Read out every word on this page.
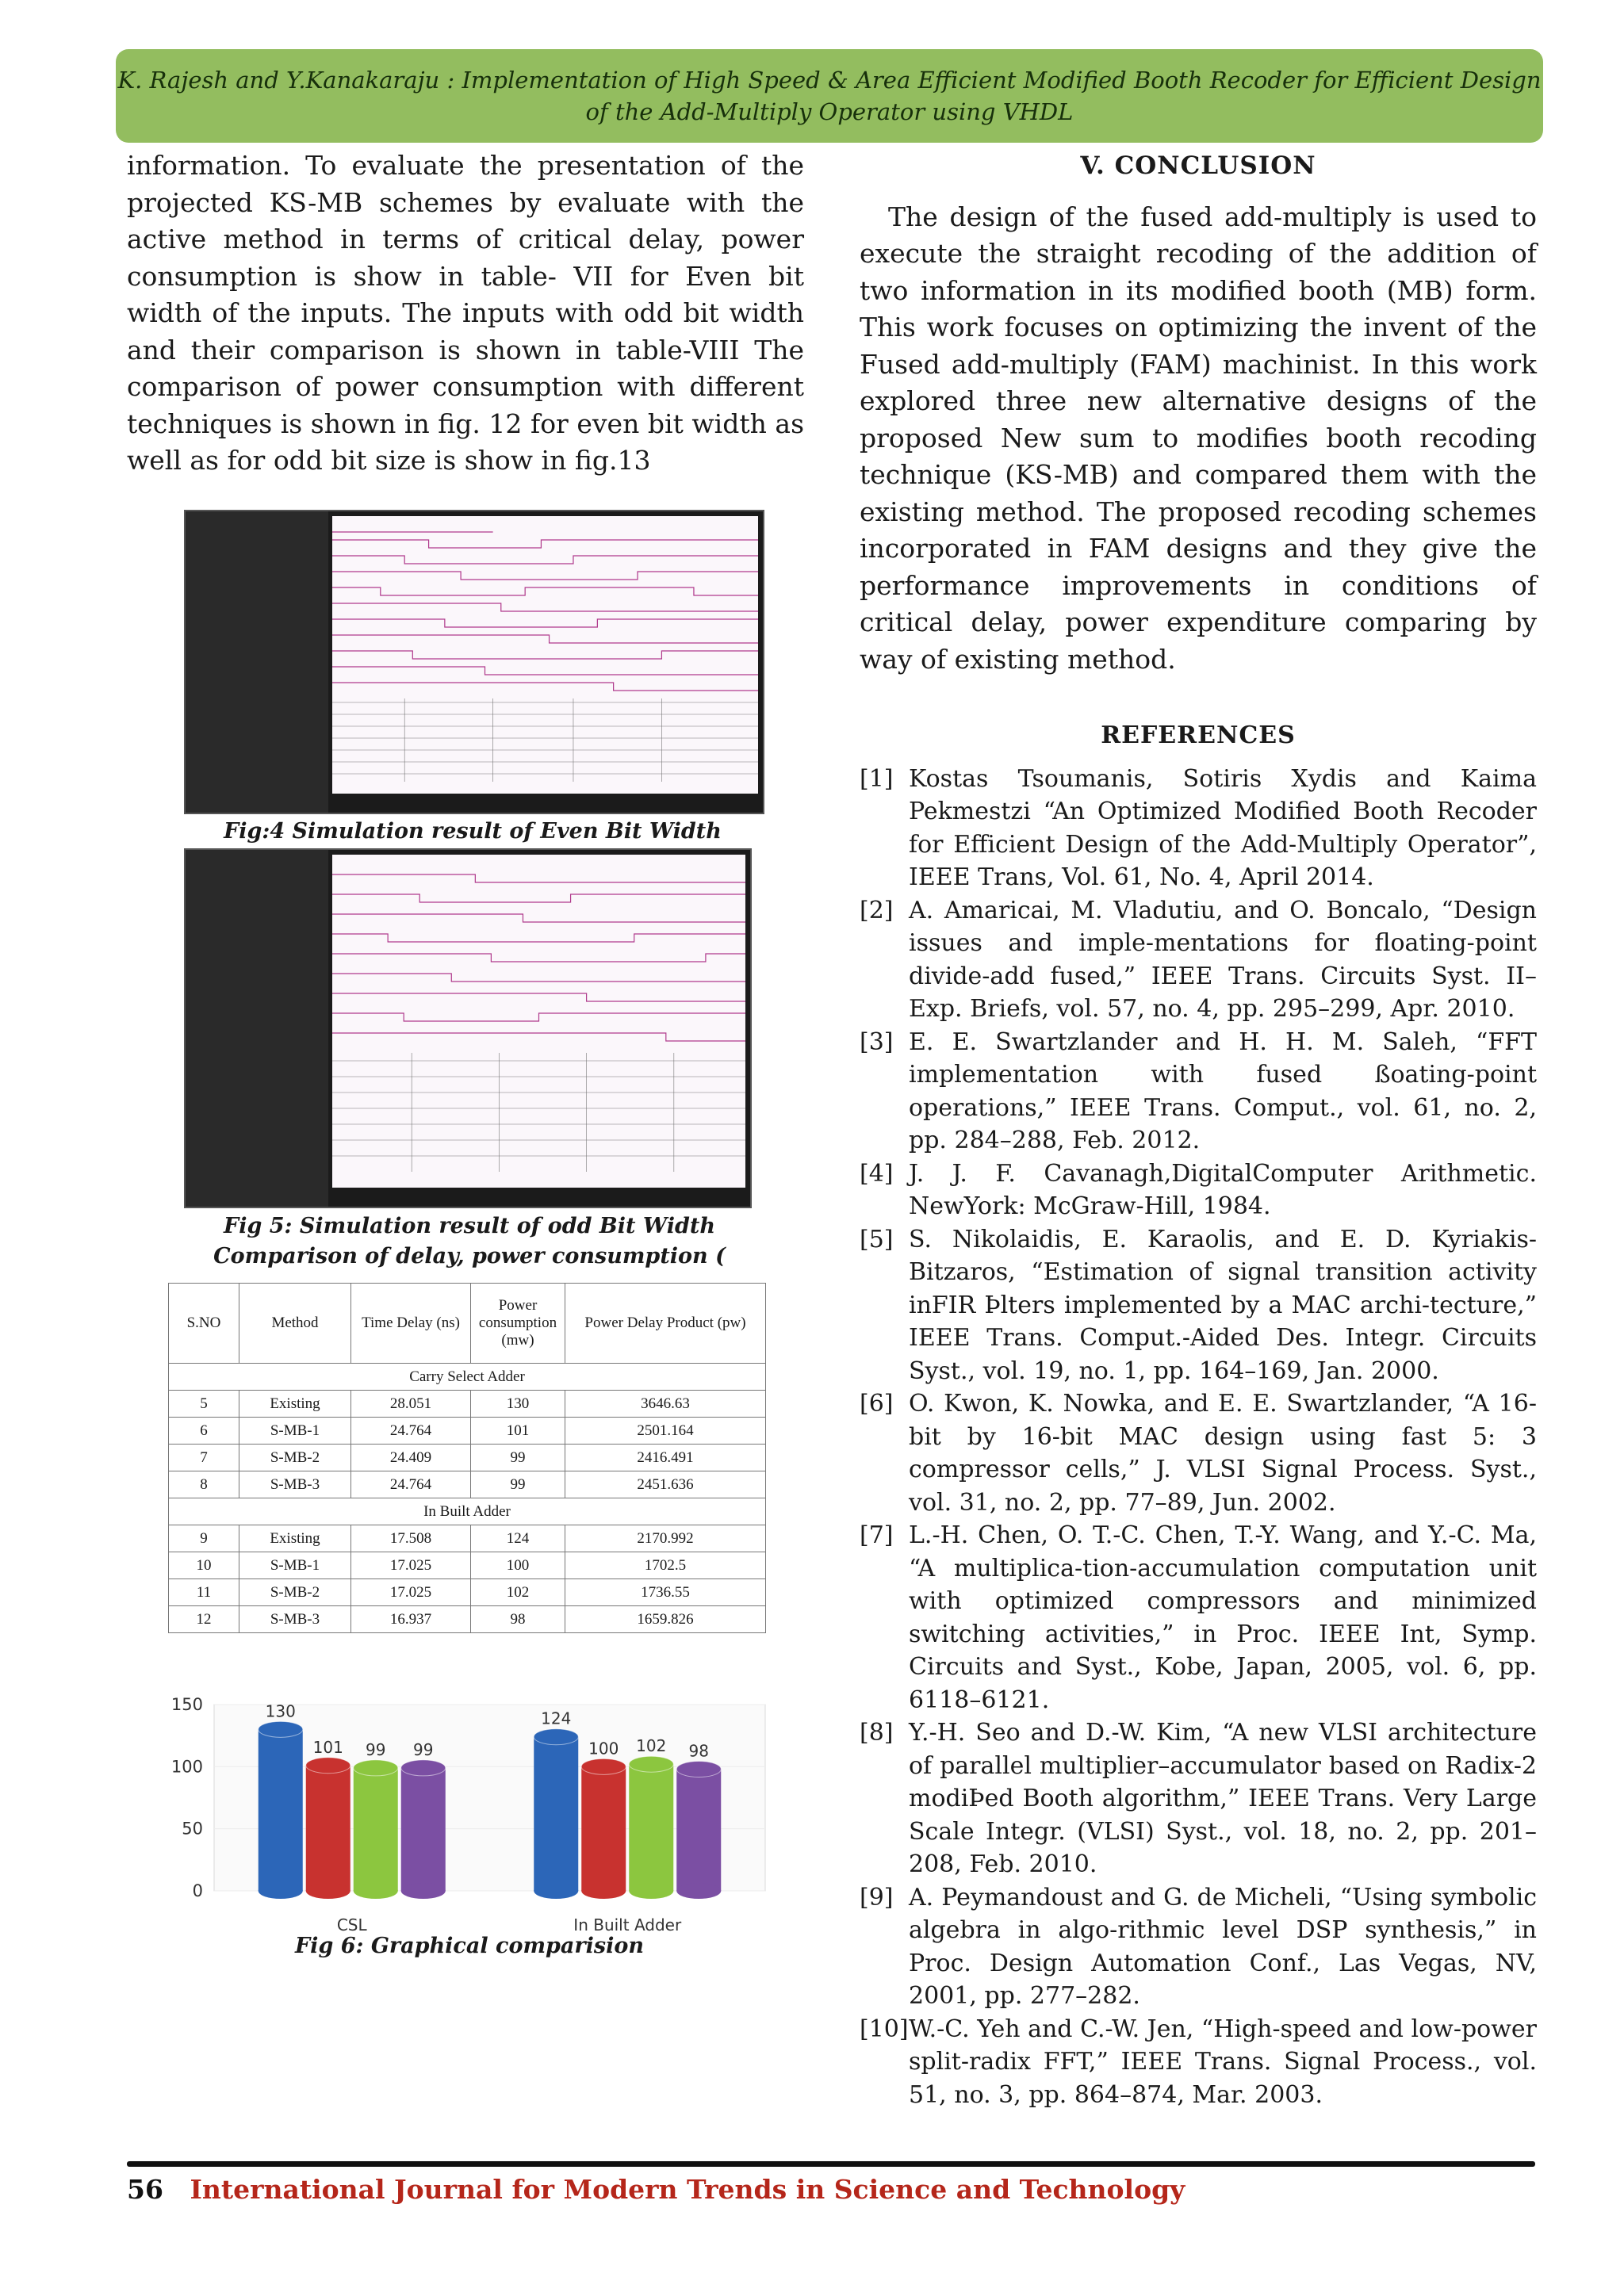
K. Rajesh and Y.Kanakaraju : Implementation of High Speed & Area Efficient Modified Booth Recoder for Efficient Design
of the Add-Multiply Operator using VHDL

information. To evaluate the presentation of the projected KS-MB schemes by evaluate with the active method in terms of critical delay, power consumption is show in table- VII for Even bit width of the inputs. The inputs with odd bit width and their comparison is shown in table-VIII The comparison of power consumption with different techniques is shown in fig. 12 for even bit width as well as for odd bit size is show in fig.13

Fig:4 Simulation result of Even Bit Width
Fig 5: Simulation result of odd Bit Width
Comparison of delay, power consumption (
S.NO	Method	Time Delay (ns)	Power consumption (mw)	Power Delay Product (pw)
Carry Select Adder				
5	Existing	28.051	130	3646.63
6	S-MB-1	24.764	101	2501.164
7	S-MB-2	24.409	99	2416.491
8	S-MB-3	24.764	99	2451.636
In Built Adder				
9	Existing	17.508	124	2170.992
10	S-MB-1	17.025	100	1702.5
11	S-MB-2	17.025	102	1736.55
12	S-MB-3	16.937	98	1659.826
0
50
100
150	130
101 99 99
CSL
124
100 102 98
In Built Adder
Fig 6: Graphical comparision
V. CONCLUSION

The design of the fused add-multiply is used to execute the straight recoding of the addition of two information in its modified booth (MB) form. This work focuses on optimizing the invent of the Fused add-multiply (FAM) machinist. In this work explored three new alternative designs of the proposed New sum to modifies booth recoding technique (KS-MB) and compared them with the existing method. The proposed recoding schemes incorporated in FAM designs and they give the performance improvements in conditions of critical delay, power expenditure comparing by way of existing method.

REFERENCES
[1] Kostas Tsoumanis, Sotiris Xydis and Kaima Pekmestzi “An Optimized Modified Booth Recoder for Efficient Design of the Add-Multiply Operator”, IEEE Trans, Vol. 61, No. 4, April 2014.
[2] A. Amaricai, M. Vladutiu, and O. Boncalo, “Design issues and imple-mentations for floating-point divide-add fused,” IEEE Trans. Circuits Syst. II–Exp. Briefs, vol. 57, no. 4, pp. 295–299, Apr. 2010.
[3] E. E. Swartzlander and H. H. M. Saleh, “FFT implementation with fused ßoating-point operations,” IEEE Trans. Comput., vol. 61, no. 2, pp. 284–288, Feb. 2012.
[4] J. J. F. Cavanagh,DigitalComputer Arithmetic. NewYork: McGraw-Hill, 1984.
[5] S. Nikolaidis, E. Karaolis, and E. D. Kyriakis-Bitzaros, “Estimation of signal transition activity inFIR Þlters implemented by a MAC archi-tecture,” IEEE Trans. Comput.-Aided Des. Integr. Circuits Syst., vol. 19, no. 1, pp. 164–169, Jan. 2000.
[6] O. Kwon, K. Nowka, and E. E. Swartzlander, “A 16-bit by 16-bit MAC design using fast 5: 3 compressor cells,” J. VLSI Signal Process. Syst., vol. 31, no. 2, pp. 77–89, Jun. 2002.
[7] L.-H. Chen, O. T.-C. Chen, T.-Y. Wang, and Y.-C. Ma, “A multiplica-tion-accumulation computation unit with optimized compressors and minimized switching activities,” in Proc. IEEE Int, Symp. Circuits and Syst., Kobe, Japan, 2005, vol. 6, pp. 6118–6121.
[8] Y.-H. Seo and D.-W. Kim, “A new VLSI architecture of parallel multiplier–accumulator based on Radix-2 modiÞed Booth algorithm,” IEEE Trans. Very Large Scale Integr. (VLSI) Syst., vol. 18, no. 2, pp. 201–208, Feb. 2010.
[9] A. Peymandoust and G. de Micheli, “Using symbolic algebra in algo-rithmic level DSP synthesis,” in Proc. Design Automation Conf., Las Vegas, NV, 2001, pp. 277–282.
[10] W.-C. Yeh and C.-W. Jen, “High-speed and low-power split-radix FFT,” IEEE Trans. Signal Process., vol. 51, no. 3, pp. 864–874, Mar. 2003.
56 International Journal for Modern Trends in Science and Technology
